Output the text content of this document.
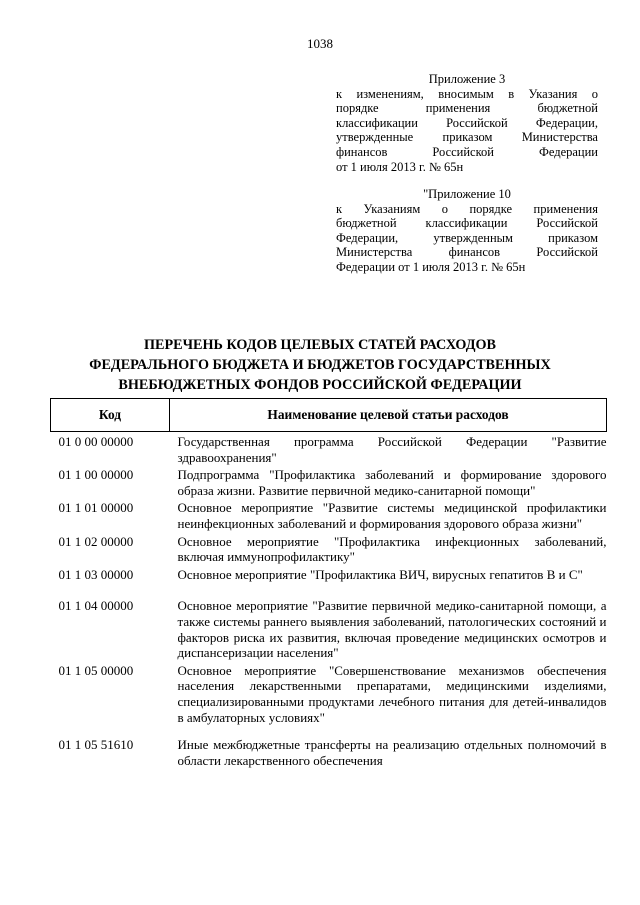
1038
Приложение 3
к изменениям, вносимым в Указания о
порядке применения бюджетной
классификации Российской Федерации,
утвержденные приказом Министерства
финансов Российской Федерации
от 1 июля 2013 г. № 65н
"Приложение 10
к Указаниям о порядке применения
бюджетной классификации Российской
Федерации, утвержденным приказом
Министерства финансов Российской
Федерации от 1 июля 2013 г. № 65н
ПЕРЕЧЕНЬ КОДОВ ЦЕЛЕВЫХ СТАТЕЙ РАСХОДОВ
ФЕДЕРАЛЬНОГО БЮДЖЕТА И БЮДЖЕТОВ ГОСУДАРСТВЕННЫХ
ВНЕБЮДЖЕТНЫХ ФОНДОВ РОССИЙСКОЙ ФЕДЕРАЦИИ
Код	Наименование целевой статьи расходов
01 0 00 00000	Государственная программа Российской Федерации "Развитие здравоохранения"
01 1 00 00000	Подпрограмма "Профилактика заболеваний и формирование здорового образа жизни. Развитие первичной медико-санитарной помощи"
01 1 01 00000	Основное мероприятие "Развитие системы медицинской профилактики неинфекционных заболеваний и формирования здорового образа жизни"
01 1 02 00000	Основное мероприятие "Профилактика инфекционных заболеваний, включая иммунопрофилактику"
01 1 03 00000	Основное мероприятие "Профилактика ВИЧ, вирусных гепатитов В и С"
01 1 04 00000	Основное мероприятие "Развитие первичной медико-санитарной помощи, а также системы раннего выявления заболеваний, патологических состояний и факторов риска их развития, включая проведение медицинских осмотров и диспансеризации населения"
01 1 05 00000	Основное мероприятие "Совершенствование механизмов обеспечения населения лекарственными препаратами, медицинскими изделиями, специализированными продуктами лечебного питания для детей-инвалидов в амбулаторных условиях"
01 1 05 51610	Иные межбюджетные трансферты на реализацию отдельных полномочий в области лекарственного обеспечения
